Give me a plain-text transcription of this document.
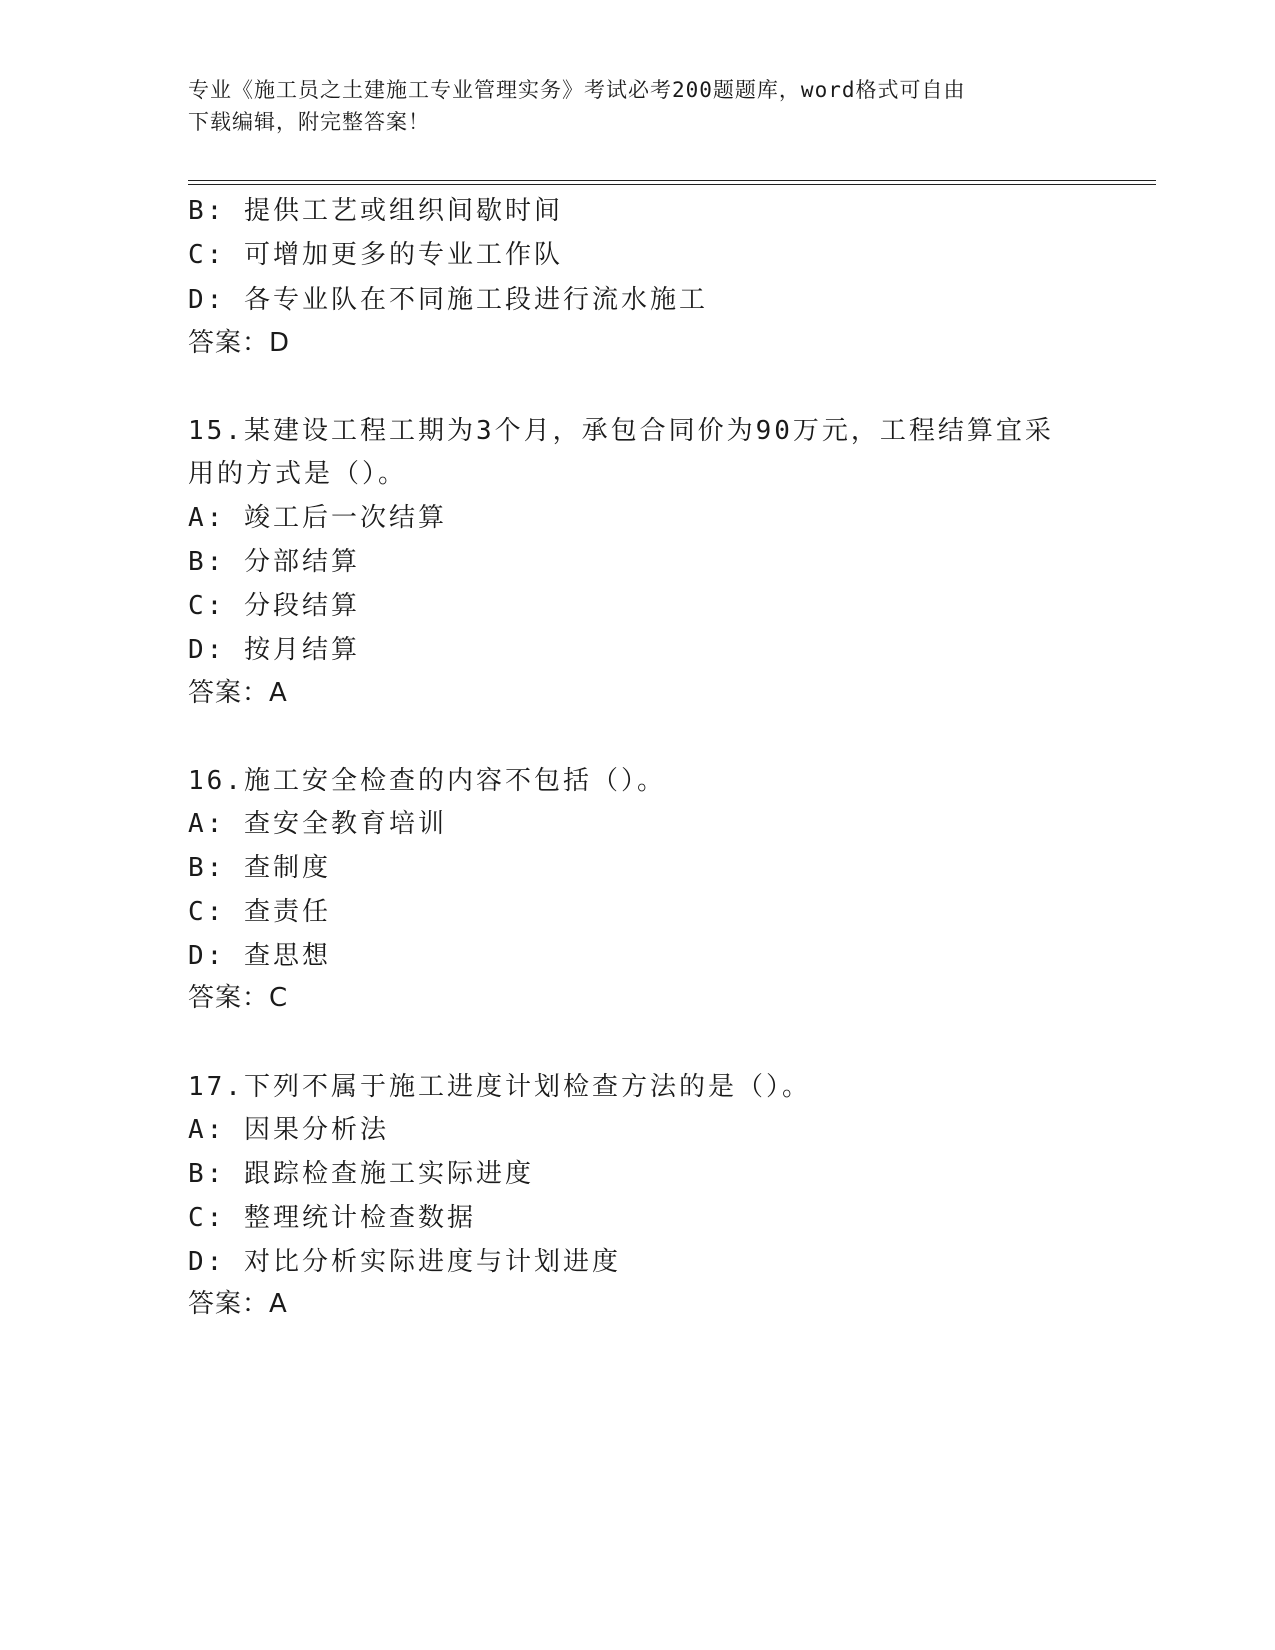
专业《施工员之土建施工专业管理实务》考试必考200题题库，word格式可自由
下载编辑，附完整答案！
B: 提供工艺或组织间歇时间
C: 可增加更多的专业工作队
D: 各专业队在不同施工段进行流水施工
答案：D
15.某建设工程工期为3个月，承包合同价为90万元，工程结算宜采
用的方式是（）。
A: 竣工后一次结算
B: 分部结算
C: 分段结算
D: 按月结算
答案：A
16.施工安全检查的内容不包括（）。
A: 查安全教育培训
B: 查制度
C: 查责任
D: 查思想
答案：C
17.下列不属于施工进度计划检查方法的是（）。
A: 因果分析法
B: 跟踪检查施工实际进度
C: 整理统计检查数据
D: 对比分析实际进度与计划进度
答案：A
